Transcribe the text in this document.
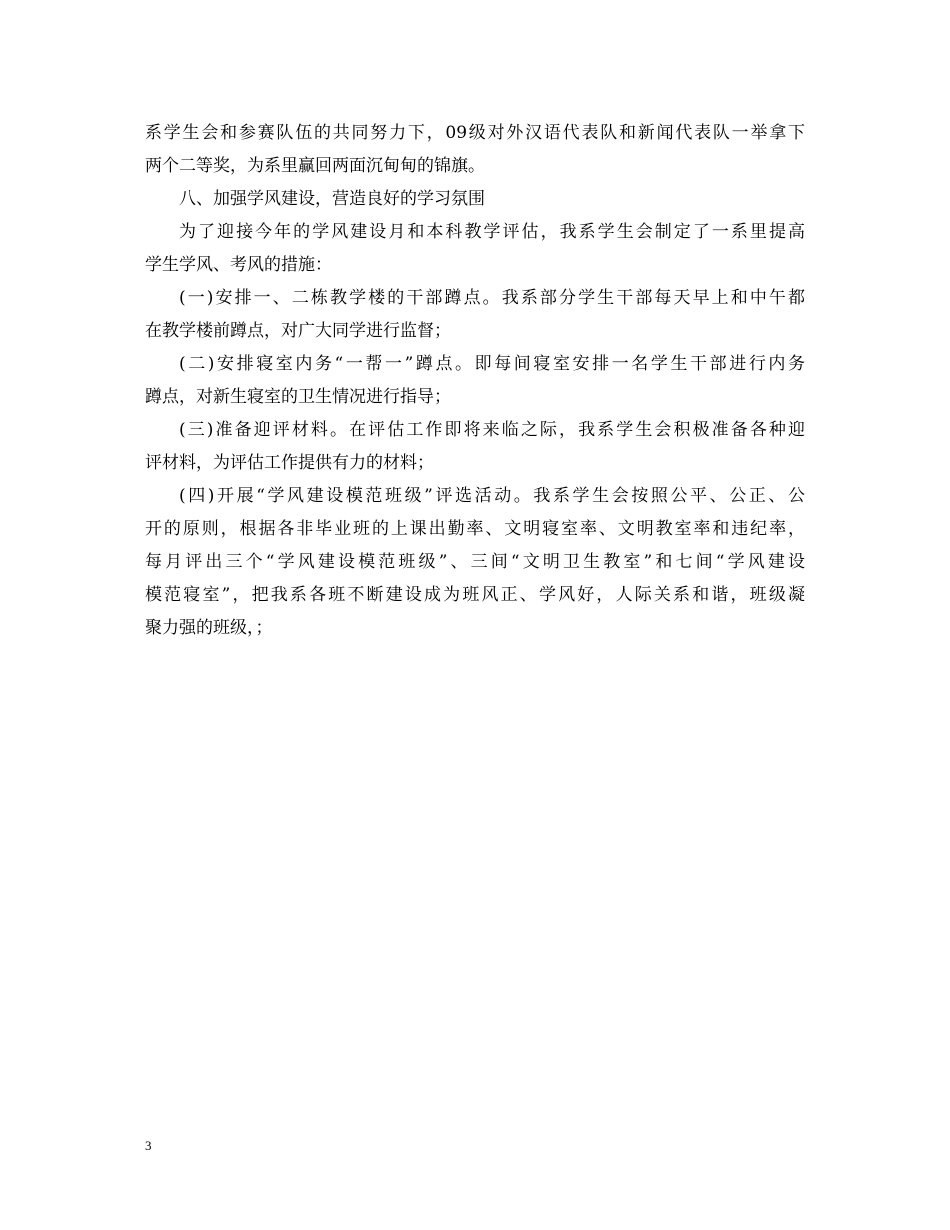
系学生会和参赛队伍的共同努力下，09级对外汉语代表队和新闻代表队一举拿下
两个二等奖，为系里赢回两面沉甸甸的锦旗。
八、加强学风建设，营造良好的学习氛围
为了迎接今年的学风建设月和本科教学评估，我系学生会制定了一系里提高
学生学风、考风的措施：
(一)安排一、二栋教学楼的干部蹲点。我系部分学生干部每天早上和中午都
在教学楼前蹲点，对广大同学进行监督；
(二)安排寝室内务“一帮一”蹲点。即每间寝室安排一名学生干部进行内务
蹲点，对新生寝室的卫生情况进行指导；
(三)准备迎评材料。在评估工作即将来临之际，我系学生会积极准备各种迎
评材料，为评估工作提供有力的材料；
(四)开展“学风建设模范班级”评选活动。我系学生会按照公平、公正、公
开的原则，根据各非毕业班的上课出勤率、文明寝室率、文明教室率和违纪率，
每月评出三个“学风建设模范班级”、三间“文明卫生教室”和七间“学风建设
模范寝室”，把我系各班不断建设成为班风正、学风好，人际关系和谐，班级凝
聚力强的班级，；
3
